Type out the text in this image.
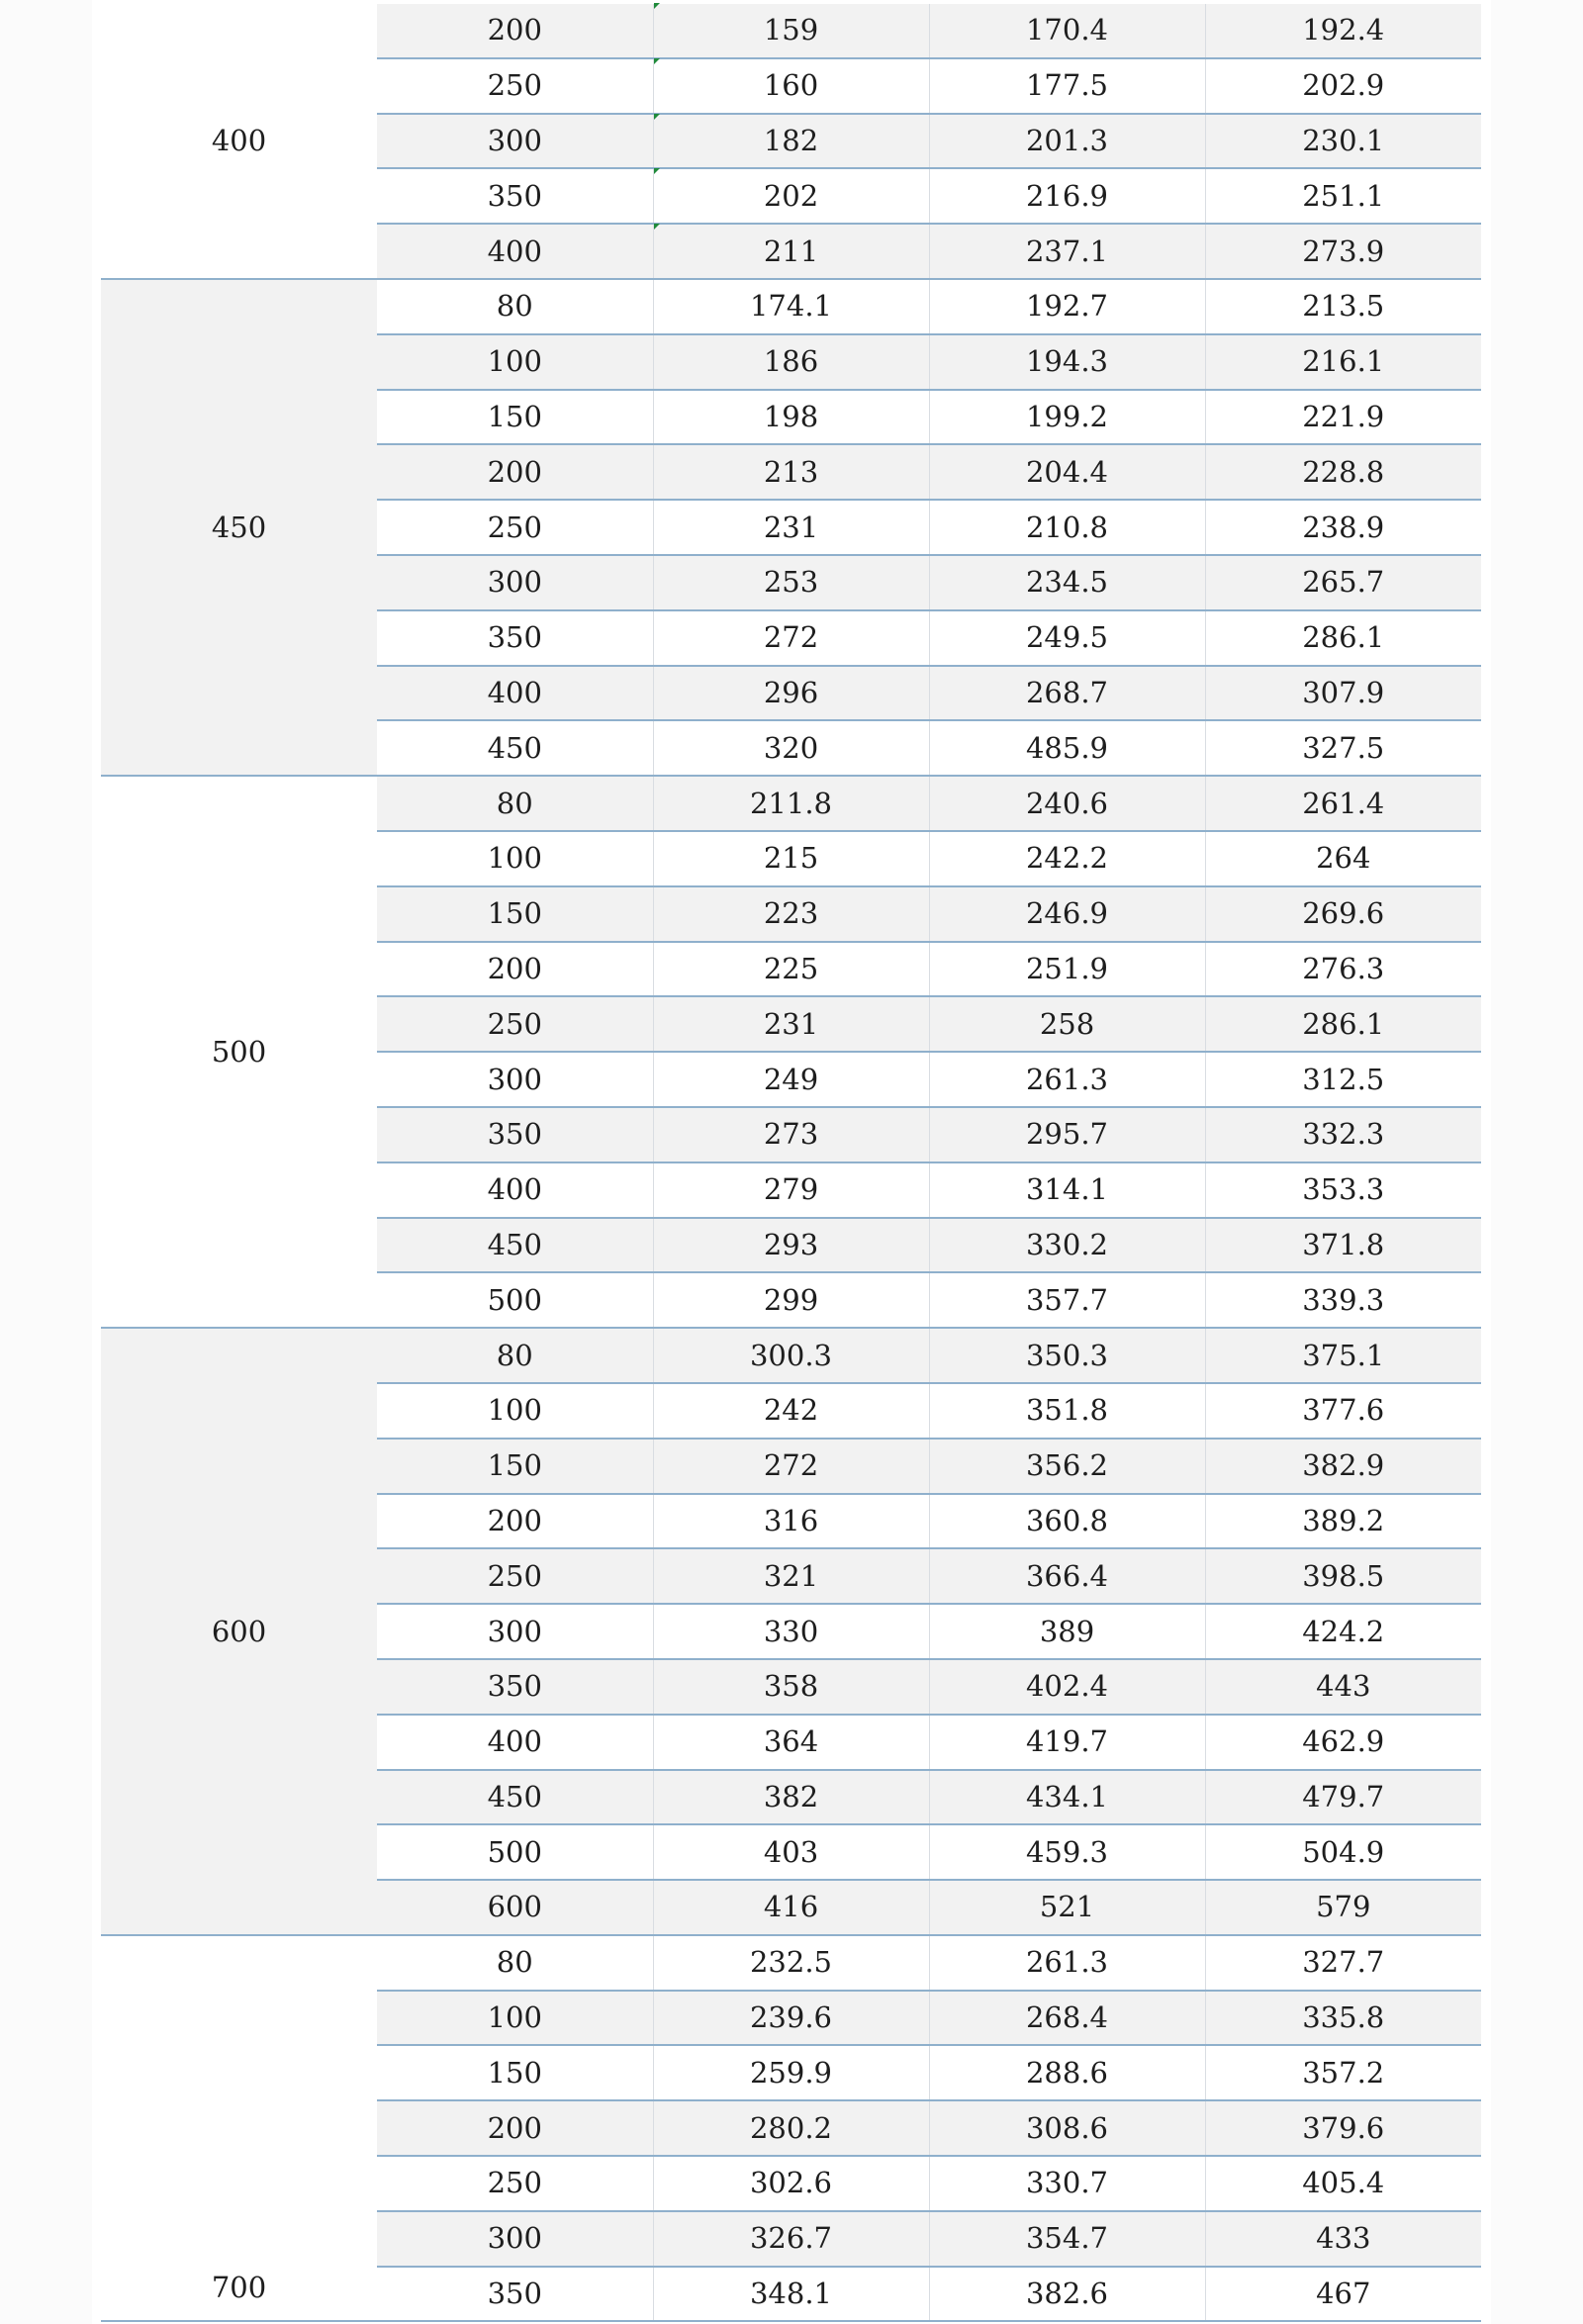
400	200	159	170.4	192.4
	250	160	177.5	202.9
	300	182	201.3	230.1
	350	202	216.9	251.1
	400	211	237.1	273.9
450	80	174.1	192.7	213.5
	100	186	194.3	216.1
	150	198	199.2	221.9
	200	213	204.4	228.8
	250	231	210.8	238.9
	300	253	234.5	265.7
	350	272	249.5	286.1
	400	296	268.7	307.9
	450	320	485.9	327.5
500	80	211.8	240.6	261.4
	100	215	242.2	264
	150	223	246.9	269.6
	200	225	251.9	276.3
	250	231	258	286.1
	300	249	261.3	312.5
	350	273	295.7	332.3
	400	279	314.1	353.3
	450	293	330.2	371.8
	500	299	357.7	339.3
600	80	300.3	350.3	375.1
	100	242	351.8	377.6
	150	272	356.2	382.9
	200	316	360.8	389.2
	250	321	366.4	398.5
	300	330	389	424.2
	350	358	402.4	443
	400	364	419.7	462.9
	450	382	434.1	479.7
	500	403	459.3	504.9
	600	416	521	579
700	80	232.5	261.3	327.7
	100	239.6	268.4	335.8
	150	259.9	288.6	357.2
	200	280.2	308.6	379.6
	250	302.6	330.7	405.4
	300	326.7	354.7	433
	350	348.1	382.6	467
